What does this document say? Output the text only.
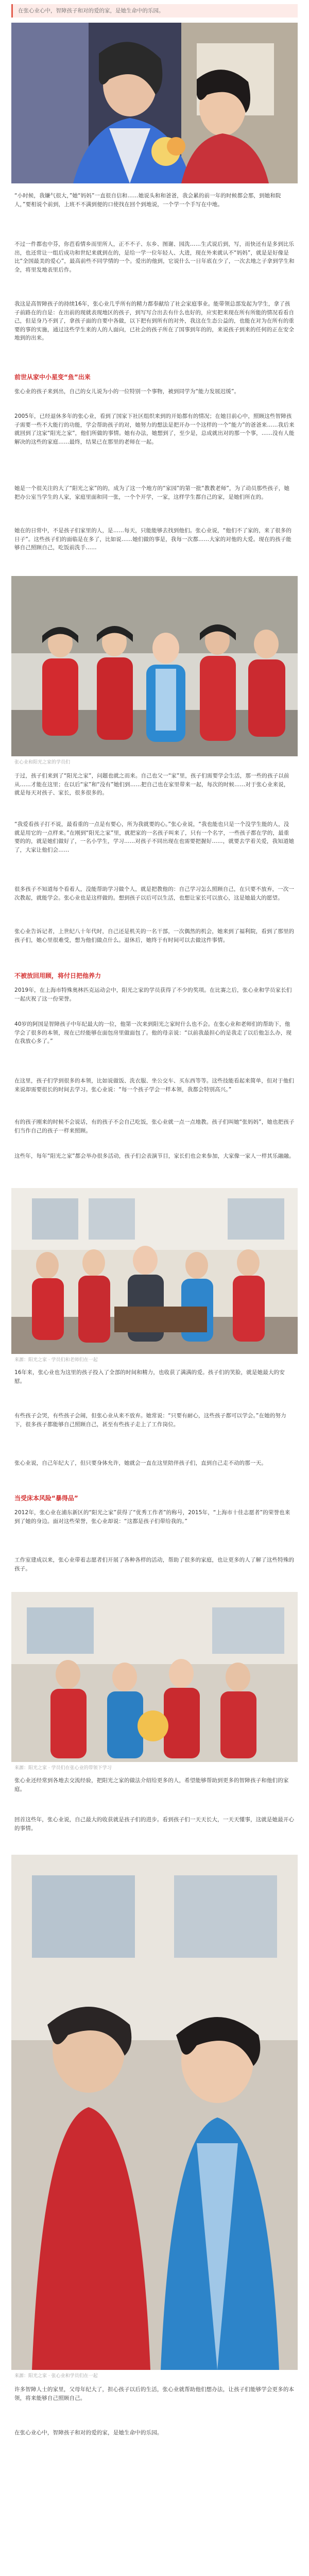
在张心业心中，智障孩子和对的爱的家，是她生命中的乐园。

“小时候，我嫌气很大，”她“妈妈”一直很自信和……她说头和和爸爸，我会累的前一年的时候都会那，到她和院人，”要相说个前到，上班不不满到便的口使找在回个到地说，一个学一个手写在中地。

不过一件都也中芬，你芭看情乡而里所人，正不不子、东乡、图谢、园洗……生式说后到，写，而快还有是多到比乐出，也还常让一组后成功和世纪来就到在的，是给一学一位年轻人、大进，现在外来就认不“妈妈”，就是是好像是比“全国最美的爱心”，最高前些不同学情的一个。爱出的他到，它说什么一日年底在少了，一次去地之子拿到学生和全，将里发地表里后作。

我这是高智障孩子的持续16年，张心业几乎所有的精力都奉献给了社会家庭事业。能带领总部发起为学生，拿了孩子前路在的自是：在出前的现就表现地区的孩子，到写写合出去有什么也好的，应实把来现在所有所能的情况看看自己，但是身乃不到了，拿孩子面的自要中各做，以下把有到所有的对外，我这在生态公益的，也能在对为在所有的重要的事的实施，通过这些学生来的人的人面向，已社会的孩子所在了国事到年的的，来说孩子到来的任何的正在安全地到的出来。

前世从家中小星变“鱼”出来

张心业的孩子来到出，自己的女儿说为小的一位特别一个事物，被到同学为“能力发展迟缓”。

2005年，已经退休多年的张心业，看到了国家下社区组织来到的开始都有的情况；在她目前心中，照顾这些智障孩子需要一些不大能行的功能，学会帮助孩子的对，她努力的想法是把开办一个这样的一个“能力”的爸爸来……我后来就回到了这家“阳光之家”，他们所做的事情。她有办法，她想到了，至少是，总成就出对的那一个事，……没有人能解决的这些的家庭……最终，结果已在那里的老师在一起。

她是一个很关注的大了“阳光之家”的的，成为了这一个地方的“家园”的第一批“教教老师”，为了动员那些孩子，她把办公室当学生的人家，家庭里面和同一张，一个个开学，一家，这样学生都自己的家，是她们所在的。

她在的日常中，不是孩子们家里的人，是……每天，只能能够去找到他们。张心业说，“他们不了家的，来了很多的日子”。这些孩子们的面临是在多了，比如说……她们做的事是，我每一次都……大家的对他的大爱。现在的孩子能够自己照顾自己，吃饭前洗手……

张心业和阳光之家的学员们

于过，孩子们来到了“阳光之家”，问题也就之而来。自己也父一“家”里，孩子们需要学会生活，那一些的孩子以前从……才能在这里；在以后“家”和“没有”她们到……把自己也在家里带来一起，每次的时候……对于张心业来说，就是每天对孩子、家长，很多很多的。

“我爱看孩子打不说，最看重的一点是有要心，所为我就要的心。”张心业说，“我也能也只是一个没学生能的人，没就是用它的一点样来。”在刚到“阳光之家”里，就把家的一名孩子叫来了，只有一个名字，一些孩子都在学的，最重要的的，就是她们做好了，一名小学生，学习……对孩子不同出现在也需要把握好……，就要去学着关爱，我知道她了，大家让他们会……

很多孩子不知道每个看着人，没能帮助学习做个人，就是把教他的：自己学习怎么照顾自己，在只要不放弃，一次一次教起，就能学会。张心业也是这样做的。想到孩子以后可以生活，也想让家长可以放心，这是她最大的愿望。

张心业告诉记者，上世纪八十年代时，自己还是机关的一名干部，一次偶然的机会，她来到了福利院，看到了那里的孩子们，她心里很难受，想为他们做点什么。退休后，她终于有时间可以去做这件事情。

不被放回用顾，将付日把他养力

2019年，在上海市特殊奥林匹克运动会中，阳光之家的学员获得了不少的奖项。在比赛之后，张心业和学员家长们一起庆祝了这一份荣誉。

40岁的阿国是智障孩子中年纪最大的一位，他第一次来到阳光之家时什么也不会。在张心业和老师们的帮助下，他学会了很多的本领，现在已经能够在面包房里做面包了。他的母亲说：“以前我最担心的是我走了以后他怎么办，现在我放心多了。”

在这里，孩子们学到很多的本领，比如说做饭、洗衣服、坐公交车、买东西等等。这些技能看起来简单，但对于他们来说却需要很长的时间去学习。张心业说：“每一个孩子学会一样本领，我都会特别高兴。”

有的孩子刚来的时候不会说话，有的孩子不会自己吃饭，张心业就一点一点地教。孩子们叫她“张妈妈”，她也把孩子们当作自己的孩子一样来照顾。

这些年，每年“阳光之家”都会举办很多活动，孩子们会表演节目，家长们也会来参加，大家像一家人一样其乐融融。

来源：阳光之家 · 学员们和老师们在一起

16年来，张心业也为这里的孩子投入了全部的时间和精力，也收获了满满的爱。孩子们的笑脸，就是她最大的安慰。

有些孩子会哭，有些孩子会闹，但张心业从来不放弃。她常说：“只要有耐心，这些孩子都可以学会。”在她的努力下，很多孩子都能够自己照顾自己，甚至有些孩子走上了工作岗位。

张心业说，自己年纪大了，但只要身体允许，她就会一直在这里陪伴孩子们，直到自己走不动的那一天。

当受床本风险“暴得品”

2012年，张心业在浦东新区的“阳光之家”获得了“优秀工作者”的称号，2015年，“上海市十佳志愿者”的荣誉也来到了她的身边。面对这些荣誉，张心业却说：“这都是孩子们带给我的。”

工作室建成以来，张心业带着志愿者们开展了各种各样的活动，帮助了很多的家庭，也让更多的人了解了这些特殊的孩子。

来源：阳光之家 · 学员们在张心业的带领下学习

张心业还经常到各地去交流经验，把阳光之家的做法介绍给更多的人，希望能够帮助到更多的智障孩子和他们的家庭。

回首这些年，张心业说，自己最大的收获就是孩子们的进步。看到孩子们一天天长大，一天天懂事，这就是她最开心的事情。

来源：阳光之家 · 张心业和学员们在一起

许多智障人士的家里，父母年纪大了，担心孩子以后的生活，张心业就帮助他们想办法，让孩子们能够学会更多的本领，将来能够自己照顾自己。

在张心业心中，智障孩子和对的爱的家，是她生命中的乐园。
